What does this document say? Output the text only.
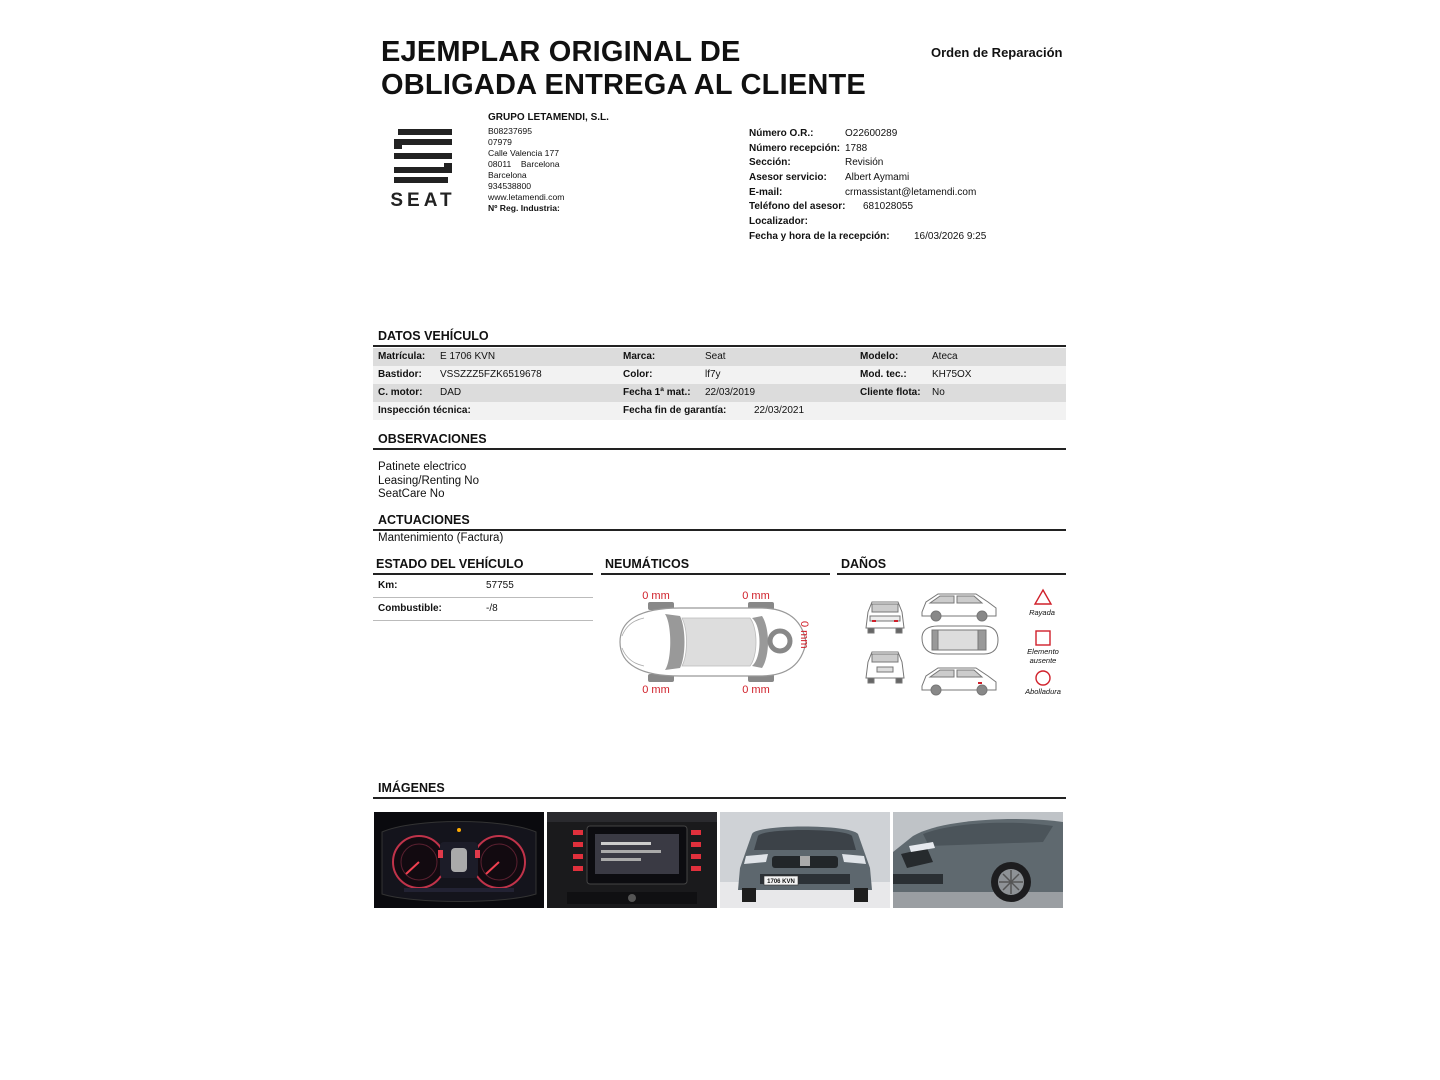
EJEMPLAR ORIGINAL DE
OBLIGADA ENTREGA AL CLIENTE
Orden de Reparación
SEAT
GRUPO LETAMENDI, S.L.
B08237695
07979
Calle Valencia 177
08011 Barcelona
Barcelona
934538800
www.letamendi.com
Nº Reg. Industria:
Número O.R.:	O22600289
Número recepción: 1788
Sección:	Revisión
Asesor servicio: Albert Aymami
E-mail:	crmassistant@letamendi.com
Teléfono del asesor: 681028055
Localizador:
Fecha y hora de la recepción: 16/03/2026 9:25
DATOS VEHÍCULO
Matrícula: E 1706 KVN	Marca:	Seat	Modelo:	Ateca
Bastidor: VSSZZZ5FZK6519678	Color:	lf7y	Mod. tec.:	KH75OX
C. motor: DAD	Fecha 1ª mat.: 22/03/2019	Cliente flota: No
Inspección técnica:	Fecha fin de garantía:	22/03/2021
OBSERVACIONES
Patinete electrico
Leasing/Renting No
SeatCare No
ACTUACIONES
Mantenimiento (Factura)
ESTADO DEL VEHÍCULO
Km:	57755
Combustible:	-/8
NEUMÁTICOS
0 mm	0 mm
0 mm	0 mm
0 mm
DAÑOS
Rayada
Elemento
ausente
Abolladura
IMÁGENES
1706 KVN
